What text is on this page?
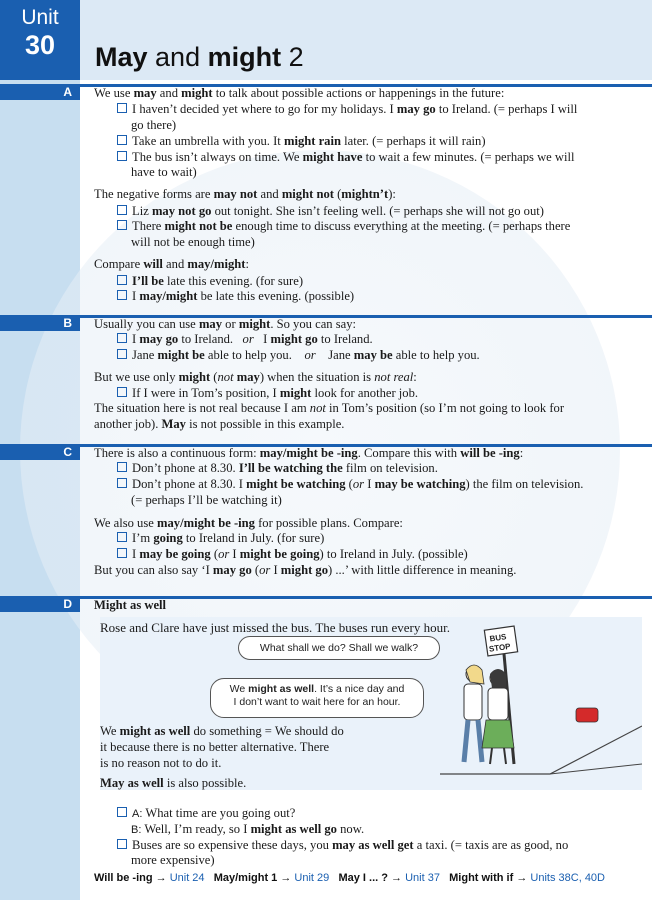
Unit
30	May and might 2
A
B
C
D
We use may and might to talk about possible actions or happenings in the future:
I haven’t decided yet where to go for my holidays. I may go to Ireland. (= perhaps I will
go there)
Take an umbrella with you. It might rain later. (= perhaps it will rain)
The bus isn’t always on time. We might have to wait a few minutes. (= perhaps we will
have to wait)
The negative forms are may not and might not (mightn’t):
Liz may not go out tonight. She isn’t feeling well. (= perhaps she will not go out)
There might not be enough time to discuss everything at the meeting. (= perhaps there
will not be enough time)
Compare will and may/might:
I’ll be late this evening. (for sure)
I may/might be late this evening. (possible)
Usually you can use may or might. So you can say:
I may go to Ireland.   or   I might go to Ireland.
Jane might be able to help you.    or    Jane may be able to help you.
But we use only might (not may) when the situation is not real:
If I were in Tom’s position, I might look for another job.
The situation here is not real because I am not in Tom’s position (so I’m not going to look for
another job). May is not possible in this example.
There is also a continuous form: may/might be -ing. Compare this with will be -ing:
Don’t phone at 8.30. I’ll be watching the film on television.
Don’t phone at 8.30. I might be watching (or I may be watching) the film on television.
(= perhaps I’ll be watching it)
We also use may/might be -ing for possible plans. Compare:
I’m going to Ireland in July. (for sure)
I may be going (or I might be going) to Ireland in July. (possible)
But you can also say ‘I may go (or I might go) ...’ with little difference in meaning.
Might as well
Rose and Clare have just missed the bus. The buses run every hour.
What shall we do? Shall we walk?
We might as well. It’s a nice day and
I don’t want to wait here for an hour.
BUS
STOP
We might as well do something = We should do
it because there is no better alternative. There
is no reason not to do it.
May as well is also possible.
A: What time are you going out?
B: Well, I’m ready, so I might as well go now.
Buses are so expensive these days, you may as well get a taxi. (= taxis are as good, no
more expensive)
Will be -ing → Unit 24 May/might 1 → Unit 29 May I ... ? → Unit 37 Might with if → Units 38C, 40D
